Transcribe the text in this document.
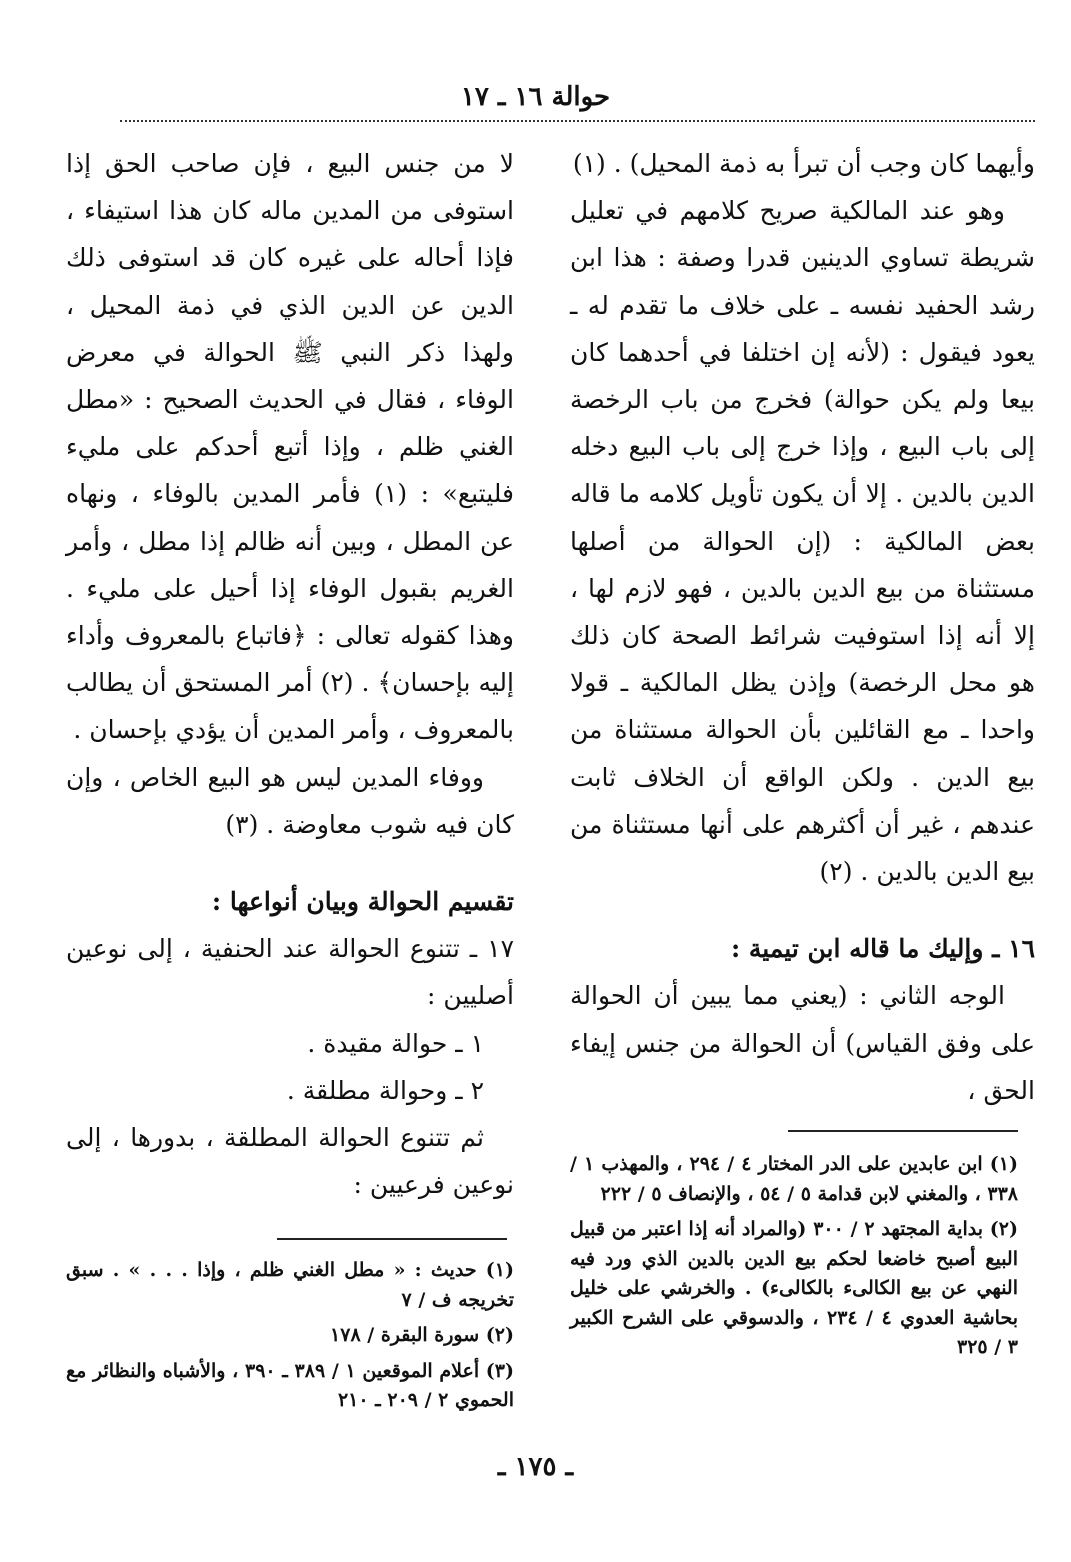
حوالة ١٦ ـ ١٧

وأيهما كان وجب أن تبرأ به ذمة المحيل) . (١)

وهو عند المالكية صريح كلامهم في تعليل شريطة تساوي الدينين قدرا وصفة : هذا ابن رشد الحفيد نفسه ـ على خلاف ما تقدم له ـ يعود فيقول : (لأنه إن اختلفا في أحدهما كان بيعا ولم يكن حوالة) فخرج من باب الرخصة إلى باب البيع ، وإذا خرج إلى باب البيع دخله الدين بالدين . إلا أن يكون تأويل كلامه ما قاله بعض المالكية : (إن الحوالة من أصلها مستثناة من بيع الدين بالدين ، فهو لازم لها ، إلا أنه إذا استوفيت شرائط الصحة كان ذلك هو محل الرخصة) وإذن يظل المالكية ـ قولا واحدا ـ مع القائلين بأن الحوالة مستثناة من بيع الدين . ولكن الواقع أن الخلاف ثابت عندهم ، غير أن أكثرهم على أنها مستثناة من بيع الدين بالدين . (٢)

١٦ ـ وإليك ما قاله ابن تيمية :

الوجه الثاني : (يعني مما يبين أن الحوالة على وفق القياس) أن الحوالة من جنس إيفاء الحق ،

لا من جنس البيع ، فإن صاحب الحق إذا استوفى من المدين ماله كان هذا استيفاء ، فإذا أحاله على غيره كان قد استوفى ذلك الدين عن الدين الذي في ذمة المحيل ، ولهذا ذكر النبي ﷺ الحوالة في معرض الوفاء ، فقال في الحديث الصحيح : «مطل الغني ظلم ، وإذا أتبع أحدكم على مليء فليتبع» : (١) فأمر المدين بالوفاء ، ونهاه عن المطل ، وبين أنه ظالم إذا مطل ، وأمر الغريم بقبول الوفاء إذا أحيل على مليء . وهذا كقوله تعالى : ﴿فاتباع بالمعروف وأداء إليه بإحسان﴾ . (٢) أمر المستحق أن يطالب بالمعروف ، وأمر المدين أن يؤدي بإحسان .

ووفاء المدين ليس هو البيع الخاص ، وإن كان فيه شوب معاوضة . (٣)

تقسيم الحوالة وبيان أنواعها :

١٧ ـ تتنوع الحوالة عند الحنفية ، إلى نوعين أصليين :

١ ـ حوالة مقيدة .

٢ ـ وحوالة مطلقة .

ثم تتنوع الحوالة المطلقة ، بدورها ، إلى نوعين فرعيين :

(١) ابن عابدين على الدر المختار ٤ / ٢٩٤ ، والمهذب ١ / ٣٣٨ ، والمغني لابن قدامة ٥ / ٥٤ ، والإنصاف ٥ / ٢٢٢

(٢) بداية المجتهد ٢ / ٣٠٠ (والمراد أنه إذا اعتبر من قبيل البيع أصبح خاضعا لحكم بيع الدين بالدين الذي ورد فيه النهي عن بيع الكالىء بالكالىء) . والخرشي على خليل بحاشية العدوي ٤ / ٢٣٤ ، والدسوقي على الشرح الكبير ٣ / ٣٢٥

(١) حديث : « مطل الغني ظلم ، وإذا . . . » . سبق تخريجه ف / ٧

(٢) سورة البقرة / ١٧٨

(٣) أعلام الموقعين ١ / ٣٨٩ ـ ٣٩٠ ، والأشباه والنظائر مع الحموي ٢ / ٢٠٩ ـ ٢١٠

ـ ١٧٥ ـ
